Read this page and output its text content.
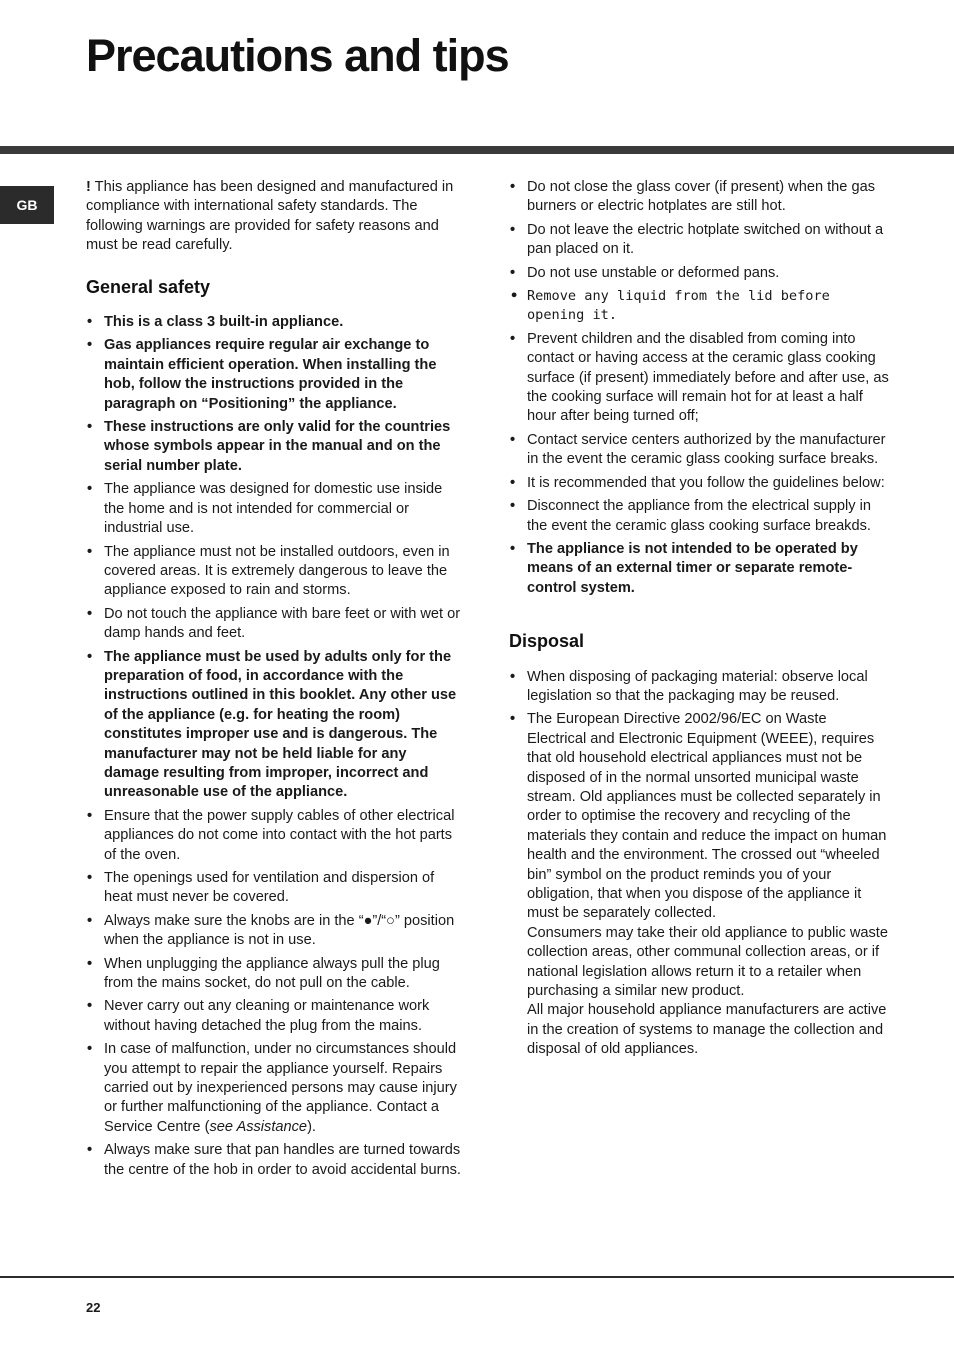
Precautions and tips
GB

! This appliance has been designed and manufactured in compliance with international safety standards. The following warnings are provided for safety reasons and must be read carefully.

General safety
• This is a class 3 built-in appliance.
• Gas appliances require regular air exchange to maintain efficient operation. When installing the hob, follow the instructions provided in the paragraph on “Positioning” the appliance.
• These instructions are only valid for the countries whose symbols appear in the manual and on the serial number plate.
• The appliance was designed for domestic use inside the home and is not intended for commercial or industrial use.
• The appliance must not be installed outdoors, even in covered areas. It is extremely dangerous to leave the appliance exposed to rain and storms.
• Do not touch the appliance with bare feet or with wet or damp hands and feet.
• The appliance must be used by adults only for the preparation of food, in accordance with the instructions outlined in this booklet. Any other use of the appliance (e.g. for heating the room) constitutes improper use and is dangerous. The manufacturer may not be held liable for any damage resulting from improper, incorrect and unreasonable use of the appliance.
• Ensure that the power supply cables of other electrical appliances do not come into contact with the hot parts of the oven.
• The openings used for ventilation and dispersion of heat must never be covered.
• Always make sure the knobs are in the “●”/“○” position when the appliance is not in use.
• When unplugging the appliance always pull the plug from the mains socket, do not pull on the cable.
• Never carry out any cleaning or maintenance work without having detached the plug from the mains.
• In case of malfunction, under no circumstances should you attempt to repair the appliance yourself. Repairs carried out by inexperienced persons may cause injury or further malfunctioning of the appliance. Contact a Service Centre (see Assistance).
• Always make sure that pan handles are turned towards the centre of the hob in order to avoid accidental burns.
• Do not close the glass cover (if present) when the gas burners or electric hotplates are still hot.
• Do not leave the electric hotplate switched on without a pan placed on it.
• Do not use unstable or deformed pans.
• Remove any liquid from the lid before opening it.
• Prevent children and the disabled from coming into contact or having access at the ceramic glass cooking surface (if present) immediately before and after use, as the cooking surface will remain hot for at least a half hour after being turned off;
• Contact service centers authorized by the manufacturer in the event the ceramic glass cooking surface breaks.
• It is recommended that you follow the guidelines below:
• Disconnect the appliance from the electrical supply in the event the ceramic glass cooking surface breakds.
• The appliance is not intended to be operated by means of an external timer or separate remote-control system.
Disposal
• When disposing of packaging material: observe local legislation so that the packaging may be reused.
• The European Directive 2002/96/EC on Waste Electrical and Electronic Equipment (WEEE), requires that old household electrical appliances must not be disposed of in the normal unsorted municipal waste stream. Old appliances must be collected separately in order to optimise the recovery and recycling of the materials they contain and reduce the impact on human health and the environment. The crossed out “wheeled bin” symbol on the product reminds you of your obligation, that when you dispose of the appliance it must be separately collected.
Consumers may take their old appliance to public waste collection areas, other communal collection areas, or if national legislation allows return it to a retailer when purchasing a similar new product.
All major household appliance manufacturers are active in the creation of systems to manage the collection and disposal of old appliances.
22
